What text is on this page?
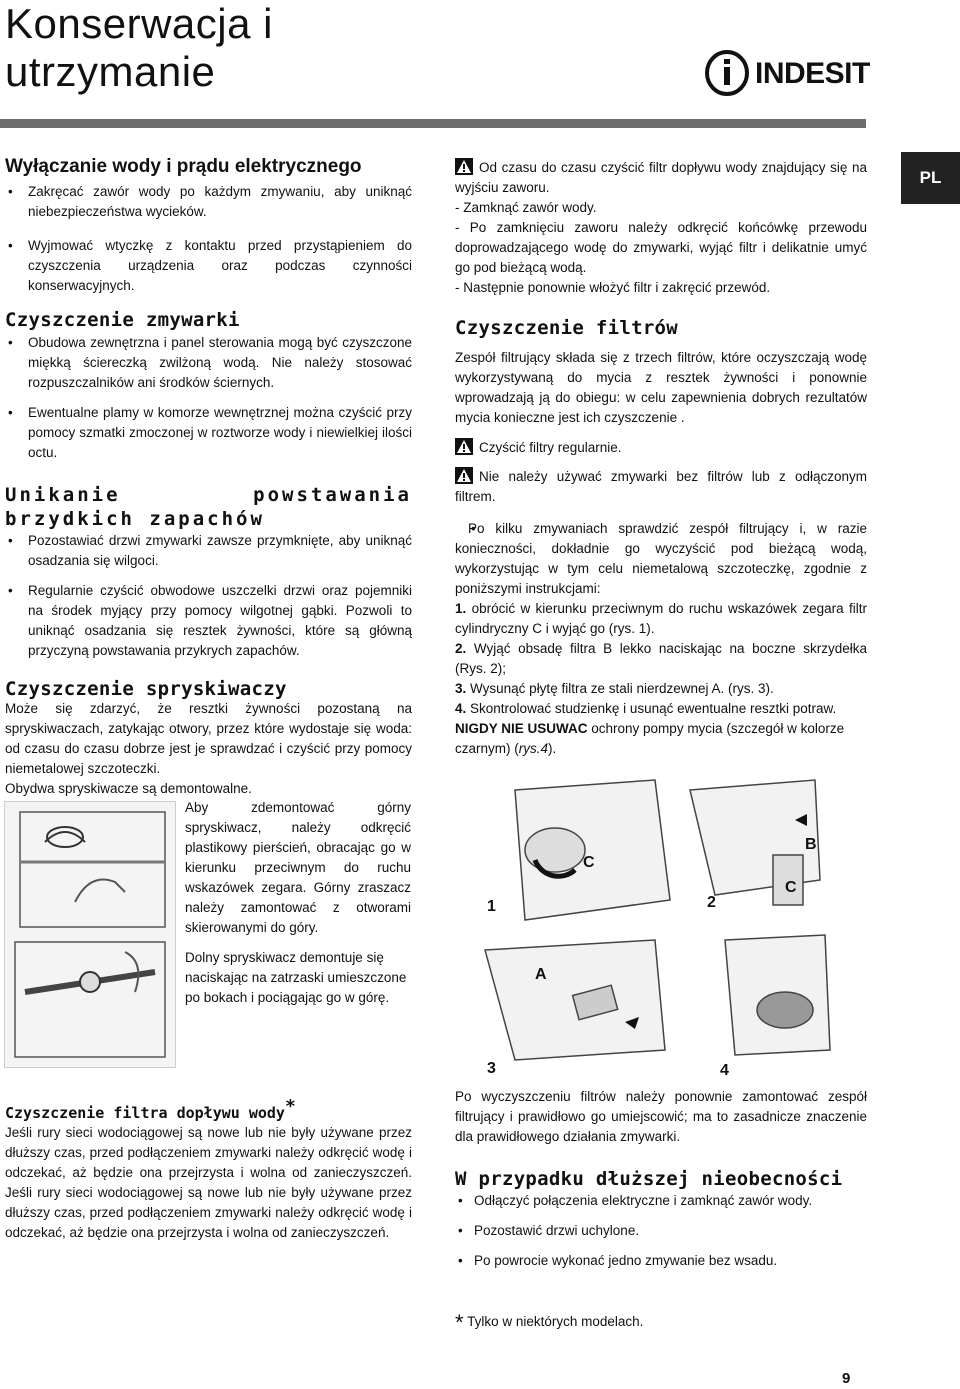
Konserwacja i
utrzymanie	INDESIT
PL
Wyłączanie wody i prądu elektrycznego
• Zakręcać zawór wody po każdym zmywaniu, aby uniknąć niebezpieczeństwa wycieków.
• Wyjmować wtyczkę z kontaktu przed przystąpieniem do czyszczenia urządzenia oraz podczas czynności konserwacyjnych.
Czyszczenie zmywarki
• Obudowa zewnętrzna i panel sterowania mogą być czyszczone miękką ściereczką zwilżoną wodą. Nie należy stosować rozpuszczalników ani środków ściernych.
• Ewentualne plamy w komorze wewnętrznej można czyścić przy pomocy szmatki zmoczonej w roztworze wody i niewielkiej ilości octu.
Unikanie powstawania brzydkich zapachów
• Pozostawiać drzwi zmywarki zawsze przymknięte, aby uniknąć osadzania się wilgoci.
• Regularnie czyścić obwodowe uszczelki drzwi oraz pojemniki na środek myjący przy pomocy wilgotnej gąbki. Pozwoli to uniknąć osadzania się resztek żywności, które są główną przyczyną powstawania przykrych zapachów.
Czyszczenie spryskiwaczy

Może się zdarzyć, że resztki żywności pozostaną na spryskiwaczach, zatykając otwory, przez które wydostaje się woda: od czasu do czasu dobrze jest je sprawdzać i czyścić przy pomocy niemetalowej szczoteczki.

Obydwa spryskiwacze są demontowalne.

Aby zdemontować górny spryskiwacz, należy odkręcić plastikowy pierścień, obracając go w kierunku przeciwnym do ruchu wskazówek zegara. Górny zraszacz należy zamontować z otworami skierowanymi do góry.

Dolny spryskiwacz demontuje się naciskając na zatrzaski umieszczone po bokach i pociągając go w górę.

Czyszczenie filtra dopływu wody*

Jeśli rury sieci wodociągowej są nowe lub nie były używane przez dłuższy czas, przed podłączeniem zmywarki należy odkręcić wodę i odczekać, aż będzie ona przejrzysta i wolna od zanieczyszczeń. Jeśli rury sieci wodociągowej są nowe lub nie były używane przez dłuższy czas, przed podłączeniem zmywarki należy odkręcić wodę i odczekać, aż będzie ona przejrzysta i wolna od zanieczyszczeń.

Od czasu do czasu czyścić filtr dopływu wody znajdujący się na wyjściu zaworu.

- Zamknąć zawór wody.

- Po zamknięciu zaworu należy odkręcić końcówkę przewodu doprowadzającego wodę do zmywarki, wyjąć filtr i delikatnie umyć go pod bieżącą wodą.

- Następnie ponownie włożyć filtr i zakręcić przewód.

Czyszczenie filtrów

Zespół filtrujący składa się z trzech filtrów, które oczyszczają wodę wykorzystywaną do mycia z resztek żywności i ponownie wprowadzają ją do obiegu: w celu zapewnienia dobrych rezultatów mycia konieczne jest ich czyszczenie .

Czyścić filtry regularnie.

Nie należy używać zmywarki bez filtrów lub z odłączonym filtrem.

• Po kilku zmywaniach sprawdzić zespół filtrujący i, w razie konieczności, dokładnie go wyczyścić pod bieżącą wodą, wykorzystując w tym celu niemetalową szczoteczkę, zgodnie z poniższymi instrukcjami:

1. obrócić w kierunku przeciwnym do ruchu wskazówek zegara filtr cylindryczny C i wyjąć go (rys. 1).

2. Wyjąć obsadę filtra B lekko naciskając na boczne skrzydełka (Rys. 2);

3. Wysunąć płytę filtra ze stali nierdzewnej A. (rys. 3).

4. Skontrolować studzienkę i usunąć ewentualne resztki potraw.

NIGDY NIE USUWAC ochrony pompy mycia (szczegół w kolorze czarnym) (rys.4).

1	2
3	4
C
B
C
A

Po wyczyszczeniu filtrów należy ponownie zamontować zespół filtrujący i prawidłowo go umiejscowić; ma to zasadnicze znaczenie dla prawidłowego działania zmywarki.

W przypadku dłuższej nieobecności
• Odłączyć połączenia elektryczne i zamknąć zawór wody.
• Pozostawić drzwi uchylone.
• Po powrocie wykonać jedno zmywanie bez wsadu.
* Tylko w niektórych modelach.
9
